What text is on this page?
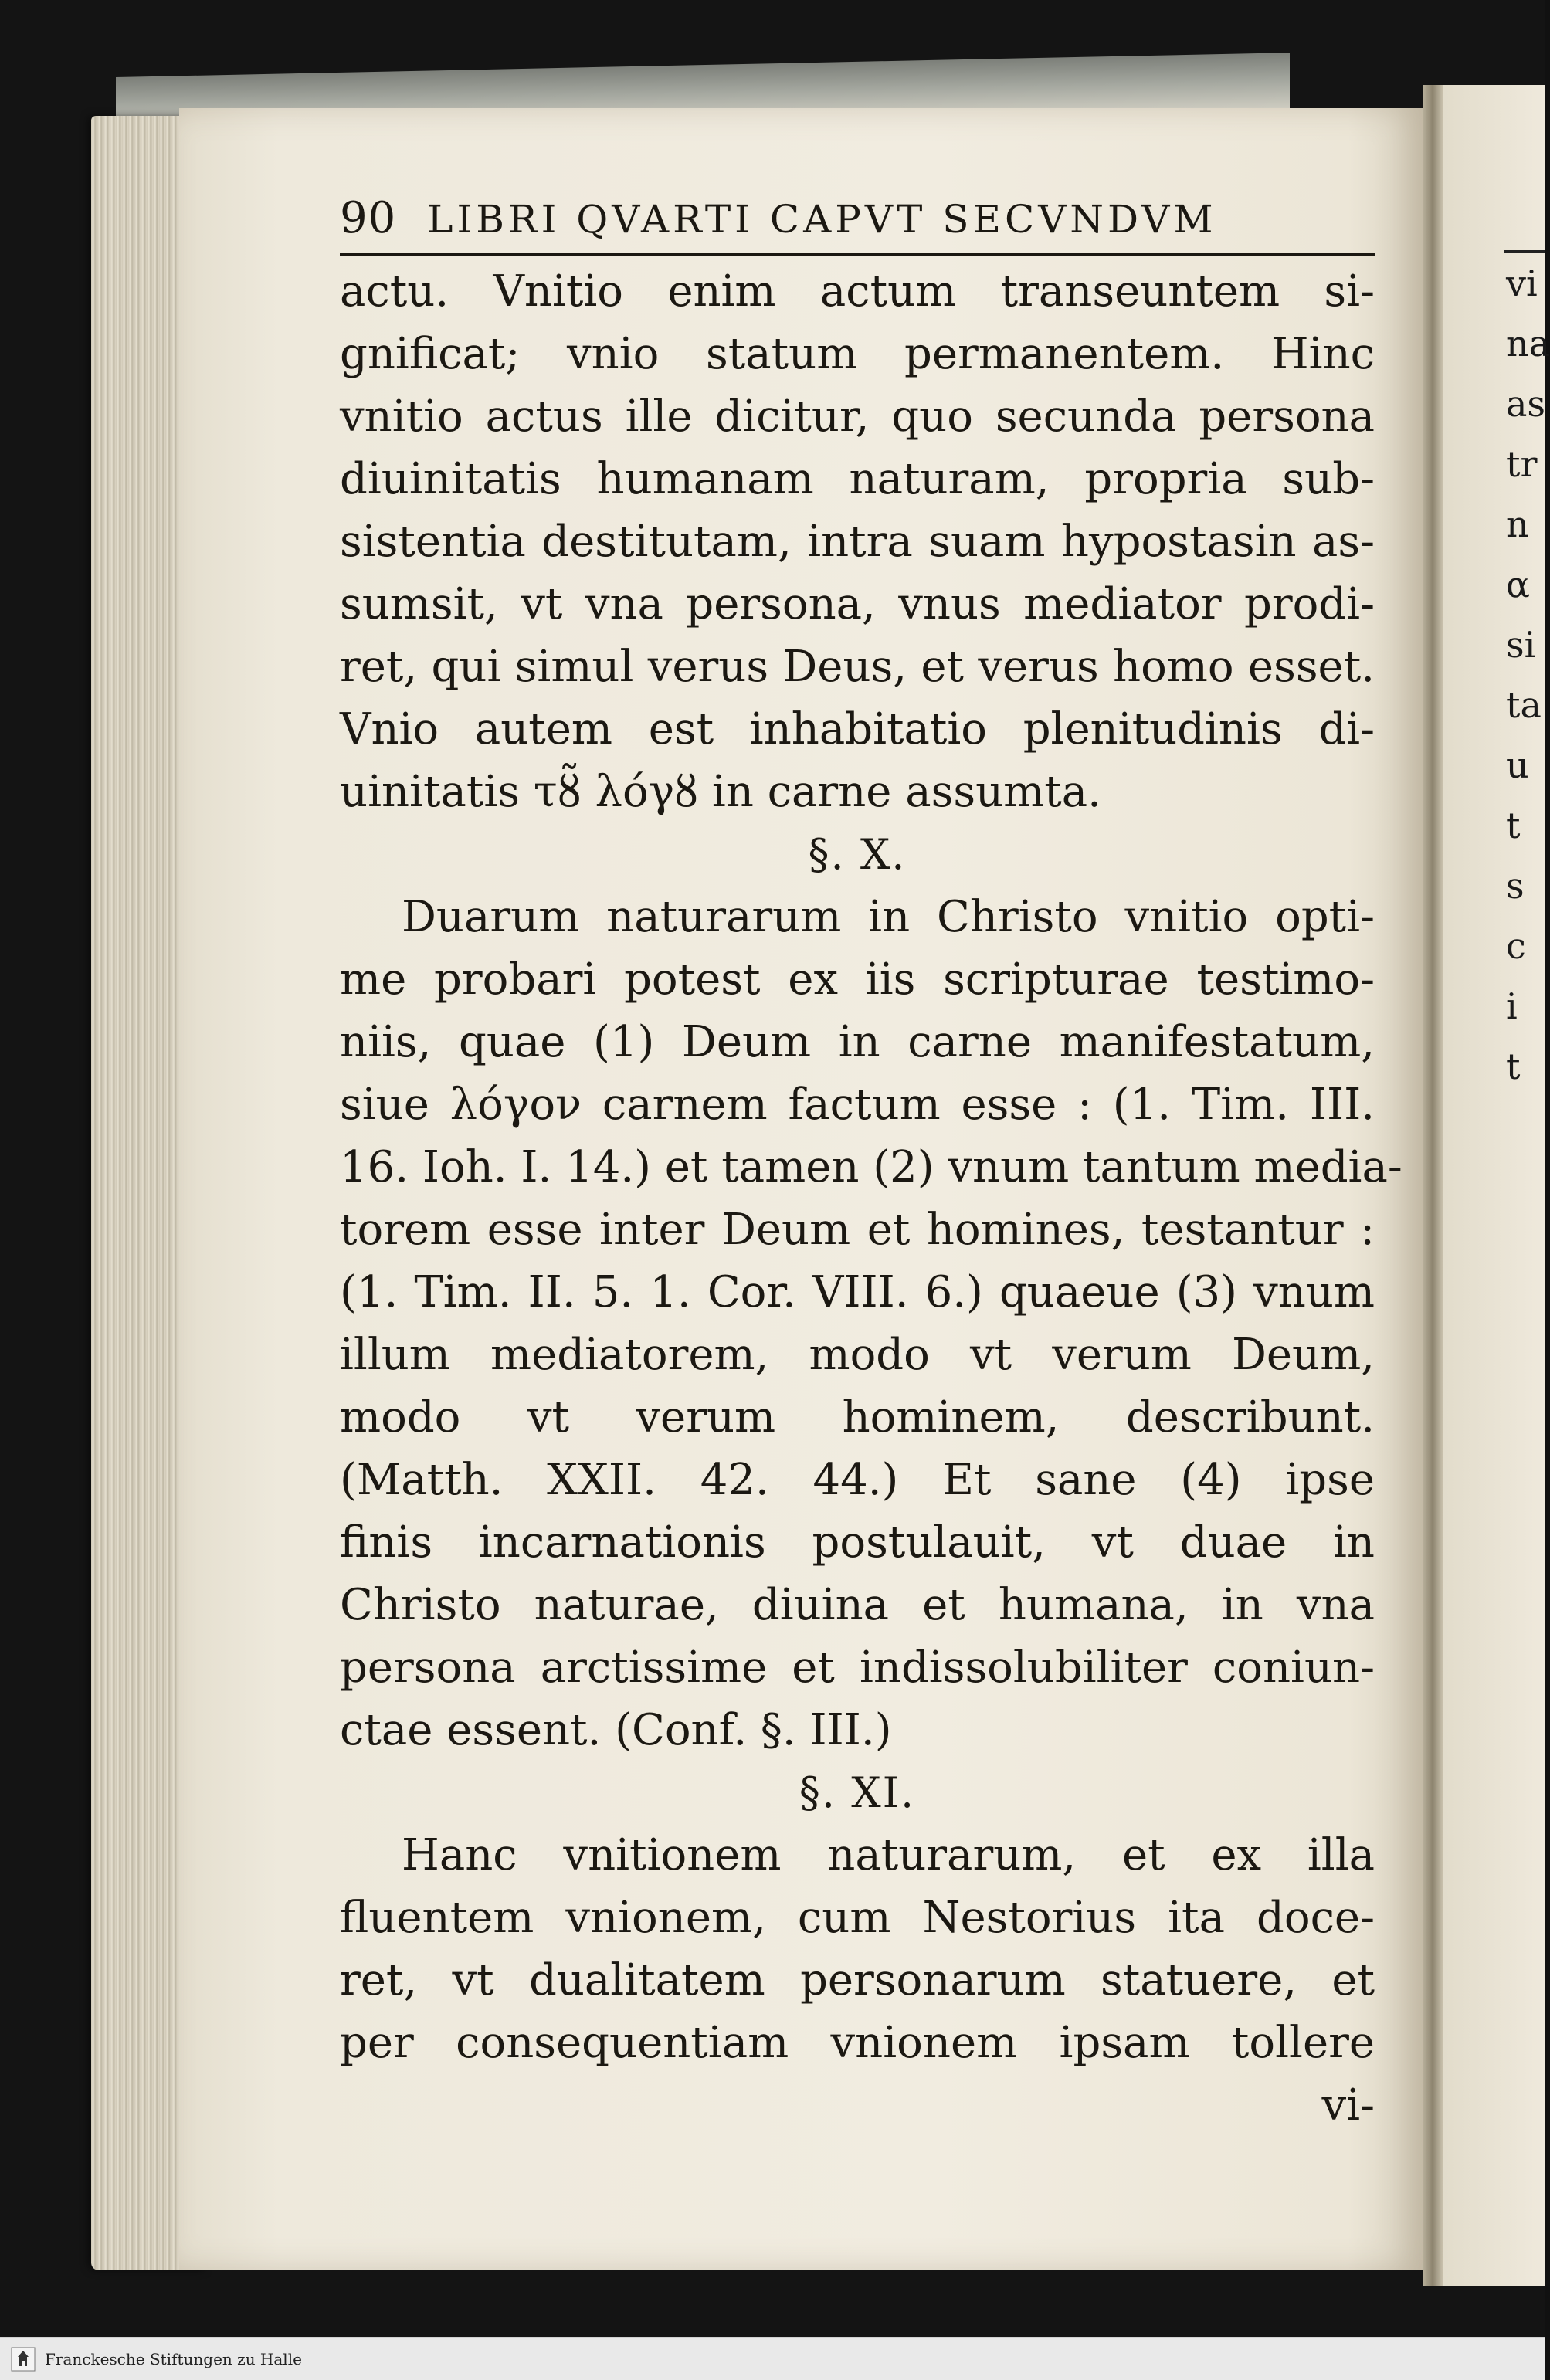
vi
na
as
tr
n
α
si
ta
u
t
s
c
i
t
90 LIBRI QVARTI CAPVT SECVNDVM
actu. Vnitio enim actum transeuntem si-
gnificat; vnio statum permanentem. Hinc
vnitio actus ille dicitur, quo secunda persona
diuinitatis humanam naturam, propria sub-
sistentia destitutam, intra suam hypostasin as-
sumsit, vt vna persona, vnus mediator prodi-
ret, qui simul verus Deus, et verus homo esset.
Vnio autem est inhabitatio plenitudinis di-
uinitatis τȣ̃ λόγȣ in carne assumta.
§. X.
Duarum naturarum in Christo vnitio opti-
me probari potest ex iis scripturae testimo-
niis, quae (1) Deum in carne manifestatum,
siue λόγον carnem factum esse : (1. Tim. III.
16. Ioh. I. 14.) et tamen (2) vnum tantum media-
torem esse inter Deum et homines, testantur :
(1. Tim. II. 5. 1. Cor. VIII. 6.) quaeue (3) vnum
illum mediatorem, modo vt verum Deum,
modo vt verum hominem, describunt.
(Matth. XXII. 42. 44.) Et sane (4) ipse
finis incarnationis postulauit, vt duae in
Christo naturae, diuina et humana, in vna
persona arctissime et indissolubiliter coniun-
ctae essent. (Conf. §. III.)
§. XI.
Hanc vnitionem naturarum, et ex illa
fluentem vnionem, cum Nestorius ita doce-
ret, vt dualitatem personarum statuere, et
per consequentiam vnionem ipsam tollere
vi-
Franckesche Stiftungen zu Halle
